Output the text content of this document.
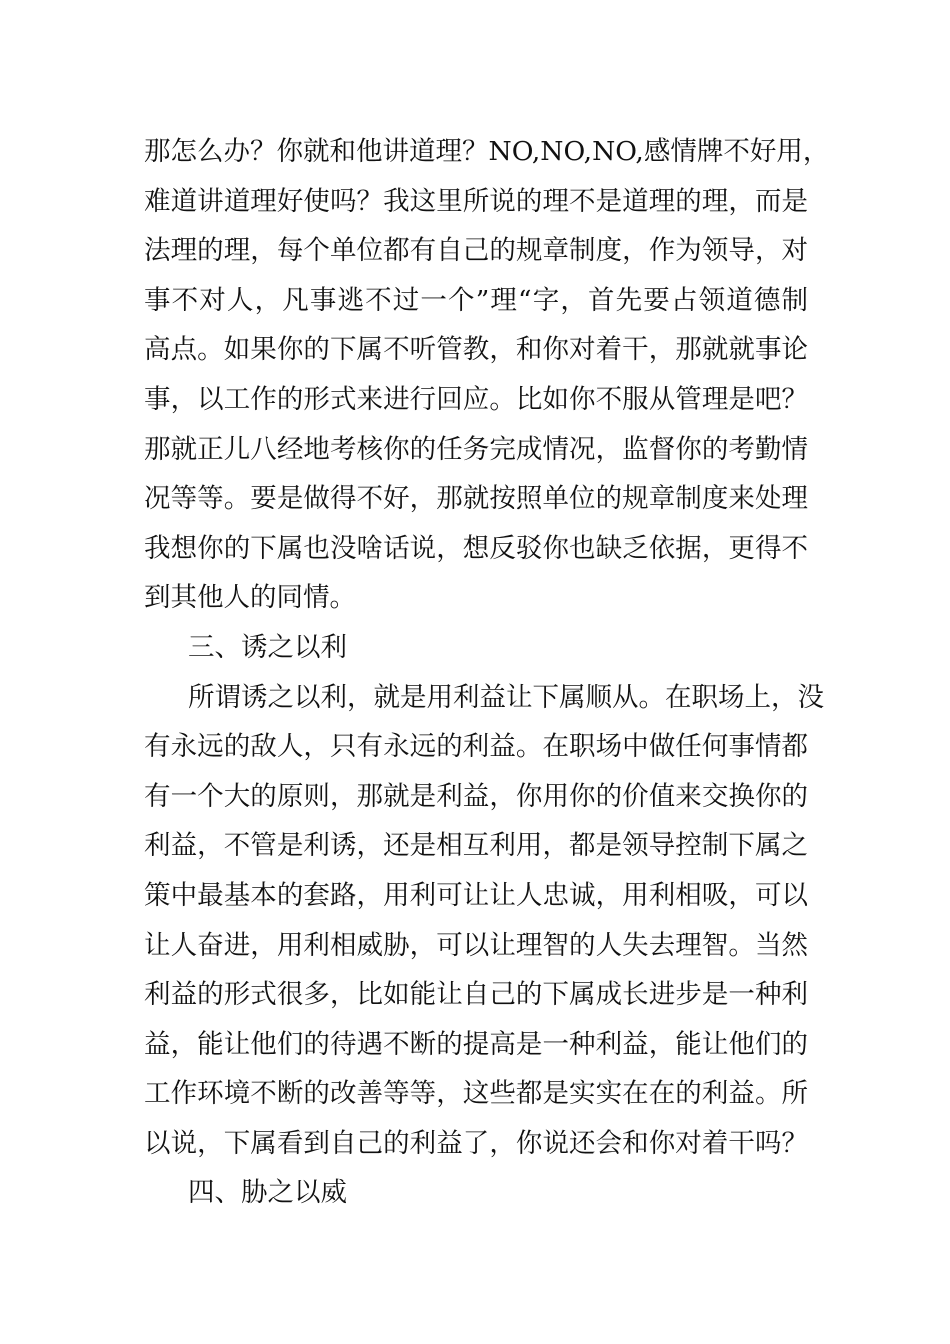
那 怎 么 办 ？ 你 就 和 他 讲 道 理 ？ NO,NO,NO, 感 情 牌 不 好 用 ，
难 道 讲 道 理 好 使 吗 ？ 我 这 里 所 说 的 理 不 是 道 理 的 理 ， 而 是
法 理 的 理 ， 每 个 单 位 都 有 自 己 的 规 章 制 度 ， 作 为 领 导 ， 对
事 不 对 人 ， 凡 事 逃 不 过 一 个 ” 理 “ 字 ， 首 先 要 占 领 道 德 制
高 点 。 如 果 你 的 下 属 不 听 管 教 ， 和 你 对 着 干 ， 那 就 就 事 论
事 ， 以 工 作 的 形 式 来 进 行 回 应 。 比 如 你 不 服 从 管 理 是 吧 ？
那 就 正 儿 八 经 地 考 核 你 的 任 务 完 成 情 况 ， 监 督 你 的 考 勤 情
况 等 等 。 要 是 做 得 不 好 ， 那 就 按 照 单 位 的 规 章 制 度 来 处 理
我 想 你 的 下 属 也 没 啥 话 说 ， 想 反 驳 你 也 缺 乏 依 据 ， 更 得 不
到其他人的同情。
三、诱之以利
所 谓 诱 之 以 利 ， 就 是 用 利 益 让 下 属 顺 从 。 在 职 场 上 ， 没
有 永 远 的 敌 人 ， 只 有 永 远 的 利 益 。 在 职 场 中 做 任 何 事 情 都
有 一 个 大 的 原 则 ， 那 就 是 利 益 ， 你 用 你 的 价 值 来 交 换 你 的
利 益 ， 不 管 是 利 诱 ， 还 是 相 互 利 用 ， 都 是 领 导 控 制 下 属 之
策 中 最 基 本 的 套 路 ， 用 利 可 让 让 人 忠 诚 ， 用 利 相 吸 ， 可 以
让 人 奋 进 ， 用 利 相 威 胁 ， 可 以 让 理 智 的 人 失 去 理 智 。 当 然
利 益 的 形 式 很 多 ， 比 如 能 让 自 己 的 下 属 成 长 进 步 是 一 种 利
益 ， 能 让 他 们 的 待 遇 不 断 的 提 高 是 一 种 利 益 ， 能 让 他 们 的
工 作 环 境 不 断 的 改 善 等 等 ， 这 些 都 是 实 实 在 在 的 利 益 。 所
以 说 ， 下 属 看 到 自 己 的 利 益 了 ， 你 说 还 会 和 你 对 着 干 吗 ？
四、胁之以威
